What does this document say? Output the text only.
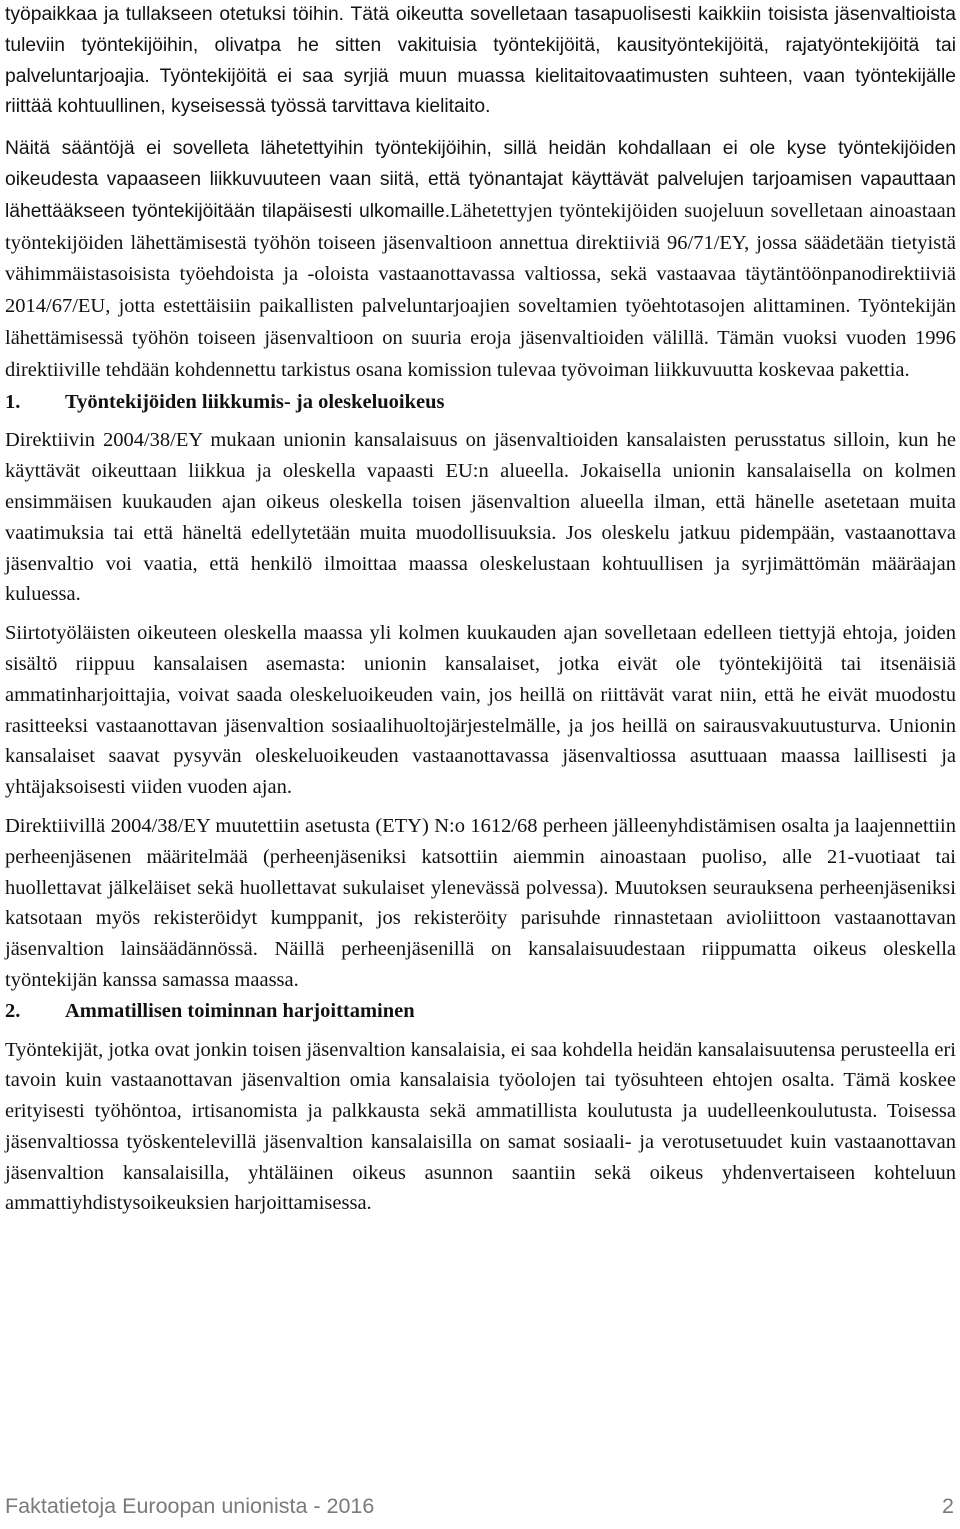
työpaikkaa ja tullakseen otetuksi töihin. Tätä oikeutta sovelletaan tasapuolisesti kaikkiin toisista jäsenvaltioista tuleviin työntekijöihin, olivatpa he sitten vakituisia työntekijöitä, kausityöntekijöitä, rajatyöntekijöitä tai palveluntarjoajia. Työntekijöitä ei saa syrjiä muun muassa kielitaitovaatimusten suhteen, vaan työntekijälle riittää kohtuullinen, kyseisessä työssä tarvittava kielitaito.

Näitä sääntöjä ei sovelleta lähetettyihin työntekijöihin, sillä heidän kohdallaan ei ole kyse työntekijöiden oikeudesta vapaaseen liikkuvuuteen vaan siitä, että työnantajat käyttävät palvelujen tarjoamisen vapauttaan lähettääkseen työntekijöitään tilapäisesti ulkomaille.Lähetettyjen työntekijöiden suojeluun sovelletaan ainoastaan työntekijöiden lähettämisestä työhön toiseen jäsenvaltioon annettua direktiiviä 96/71/EY, jossa säädetään tietyistä vähimmäistasoisista työehdoista ja -oloista vastaanottavassa valtiossa, sekä vastaavaa täytäntöönpanodirektiiviä 2014/67/EU, jotta estettäisiin paikallisten palveluntarjoajien soveltamien työehtotasojen alittaminen. Työntekijän lähettämisessä työhön toiseen jäsenvaltioon on suuria eroja jäsenvaltioiden välillä. Tämän vuoksi vuoden 1996 direktiiville tehdään kohdennettu tarkistus osana komission tulevaa työvoiman liikkuvuutta koskevaa pakettia.

1.	Työntekijöiden liikkumis- ja oleskeluoikeus

Direktiivin 2004/38/EY mukaan unionin kansalaisuus on jäsenvaltioiden kansalaisten perusstatus silloin, kun he käyttävät oikeuttaan liikkua ja oleskella vapaasti EU:n alueella. Jokaisella unionin kansalaisella on kolmen ensimmäisen kuukauden ajan oikeus oleskella toisen jäsenvaltion alueella ilman, että hänelle asetetaan muita vaatimuksia tai että häneltä edellytetään muita muodollisuuksia. Jos oleskelu jatkuu pidempään, vastaanottava jäsenvaltio voi vaatia, että henkilö ilmoittaa maassa oleskelustaan kohtuullisen ja syrjimättömän määräajan kuluessa.

Siirtotyöläisten oikeuteen oleskella maassa yli kolmen kuukauden ajan sovelletaan edelleen tiettyjä ehtoja, joiden sisältö riippuu kansalaisen asemasta: unionin kansalaiset, jotka eivät ole työntekijöitä tai itsenäisiä ammatinharjoittajia, voivat saada oleskeluoikeuden vain, jos heillä on riittävät varat niin, että he eivät muodostu rasitteeksi vastaanottavan jäsenvaltion sosiaalihuoltojärjestelmälle, ja jos heillä on sairausvakuutusturva. Unionin kansalaiset saavat pysyvän oleskeluoikeuden vastaanottavassa jäsenvaltiossa asuttuaan maassa laillisesti ja yhtäjaksoisesti viiden vuoden ajan.

Direktiivillä 2004/38/EY muutettiin asetusta (ETY) N:o 1612/68 perheen jälleenyhdistämisen osalta ja laajennettiin perheenjäsenen määritelmää (perheenjäseniksi katsottiin aiemmin ainoastaan puoliso, alle 21-vuotiaat tai huollettavat jälkeläiset sekä huollettavat sukulaiset ylenevässä polvessa). Muutoksen seurauksena perheenjäseniksi katsotaan myös rekisteröidyt kumppanit, jos rekisteröity parisuhde rinnastetaan avioliittoon vastaanottavan jäsenvaltion lainsäädännössä. Näillä perheenjäsenillä on kansalaisuudestaan riippumatta oikeus oleskella työntekijän kanssa samassa maassa.

2.	Ammatillisen toiminnan harjoittaminen

Työntekijät, jotka ovat jonkin toisen jäsenvaltion kansalaisia, ei saa kohdella heidän kansalaisuutensa perusteella eri tavoin kuin vastaanottavan jäsenvaltion omia kansalaisia työolojen tai työsuhteen ehtojen osalta. Tämä koskee erityisesti työhöntoa, irtisanomista ja palkkausta sekä ammatillista koulutusta ja uudelleenkoulutusta. Toisessa jäsenvaltiossa työskentelevillä jäsenvaltion kansalaisilla on samat sosiaali- ja verotusetuudet kuin vastaanottavan jäsenvaltion kansalaisilla, yhtäläinen oikeus asunnon saantiin sekä oikeus yhdenvertaiseen kohteluun ammattiyhdistysoikeuksien harjoittamisessa.

Faktatietoja Euroopan unionista - 2016	2
